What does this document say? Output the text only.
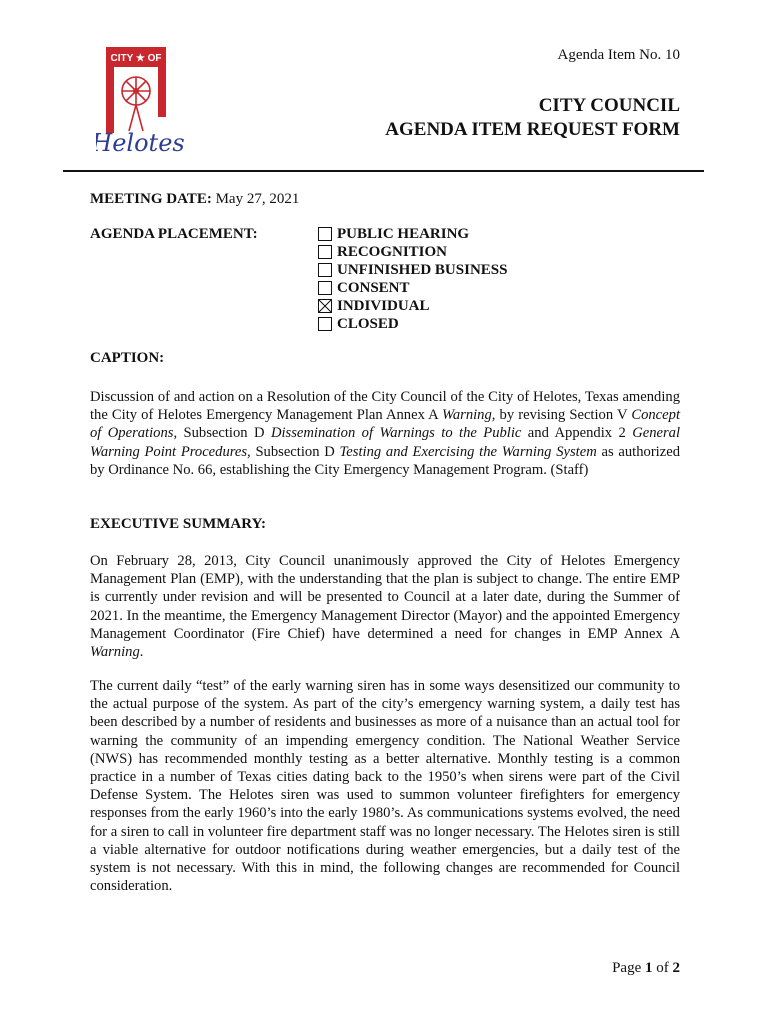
CITY ★ OF
Helotes
Agenda Item No. 10
CITY COUNCIL
AGENDA ITEM REQUEST FORM
MEETING DATE: May 27, 2021
AGENDA PLACEMENT:	PUBLIC HEARING
RECOGNITION
UNFINISHED BUSINESS
CONSENT
INDIVIDUAL
CLOSED
CAPTION:
Discussion of and action on a Resolution of the City Council of the City of Helotes, Texas amending the City of Helotes Emergency Management Plan Annex A Warning, by revising Section V Concept of Operations, Subsection D Dissemination of Warnings to the Public and Appendix 2 General Warning Point Procedures, Subsection D Testing and Exercising the Warning System as authorized by Ordinance No. 66, establishing the City Emergency Management Program. (Staff)
EXECUTIVE SUMMARY:
On February 28, 2013, City Council unanimously approved the City of Helotes Emergency Management Plan (EMP), with the understanding that the plan is subject to change. The entire EMP is currently under revision and will be presented to Council at a later date, during the Summer of 2021. In the meantime, the Emergency Management Director (Mayor) and the appointed Emergency Management Coordinator (Fire Chief) have determined a need for changes in EMP Annex A Warning.
The current daily “test” of the early warning siren has in some ways desensitized our community to the actual purpose of the system. As part of the city’s emergency warning system, a daily test has been described by a number of residents and businesses as more of a nuisance than an actual tool for warning the community of an impending emergency condition. The National Weather Service (NWS) has recommended monthly testing as a better alternative. Monthly testing is a common practice in a number of Texas cities dating back to the 1950’s when sirens were part of the Civil Defense System. The Helotes siren was used to summon volunteer firefighters for emergency responses from the early 1960’s into the early 1980’s. As communications systems evolved, the need for a siren to call in volunteer fire department staff was no longer necessary. The Helotes siren is still a viable alternative for outdoor notifications during weather emergencies, but a daily test of the system is not necessary. With this in mind, the following changes are recommended for Council consideration.
Page 1 of 2
